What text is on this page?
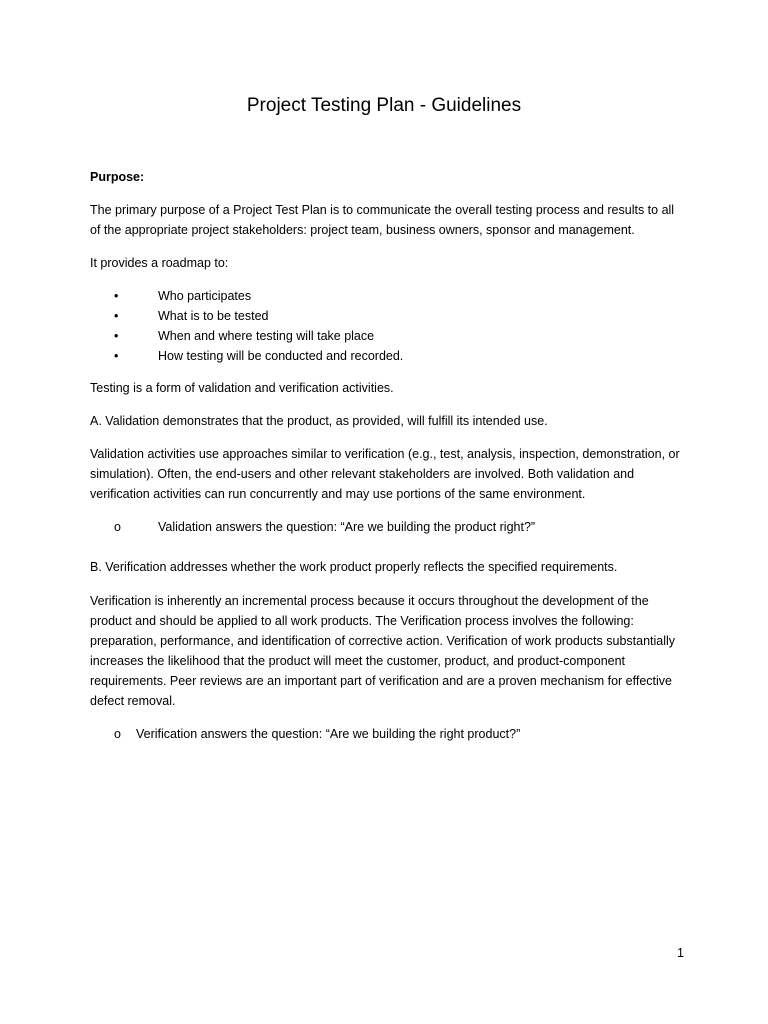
Project Testing Plan - Guidelines

Purpose:

The primary purpose of a Project Test Plan is to communicate the overall testing process and results to all of the appropriate project stakeholders: project team, business owners, sponsor and management.

It provides a roadmap to:

•	Who participates
•	What is to be tested
•	When and where testing will take place
•	How testing will be conducted and recorded.

Testing is a form of validation and verification activities.

A. Validation demonstrates that the product, as provided, will fulfill its intended use.

Validation activities use approaches similar to verification (e.g., test, analysis, inspection, demonstration, or simulation). Often, the end-users and other relevant stakeholders are involved. Both validation and verification activities can run concurrently and may use portions of the same environment.

o	Validation answers the question: “Are we building the product right?”

B. Verification addresses whether the work product properly reflects the specified requirements.

Verification is inherently an incremental process because it occurs throughout the development of the product and should be applied to all work products. The Verification process involves the following: preparation, performance, and identification of corrective action. Verification of work products substantially increases the likelihood that the product will meet the customer, product, and product-component requirements. Peer reviews are an important part of verification and are a proven mechanism for effective defect removal.

o Verification answers the question: “Are we building the right product?”
1
